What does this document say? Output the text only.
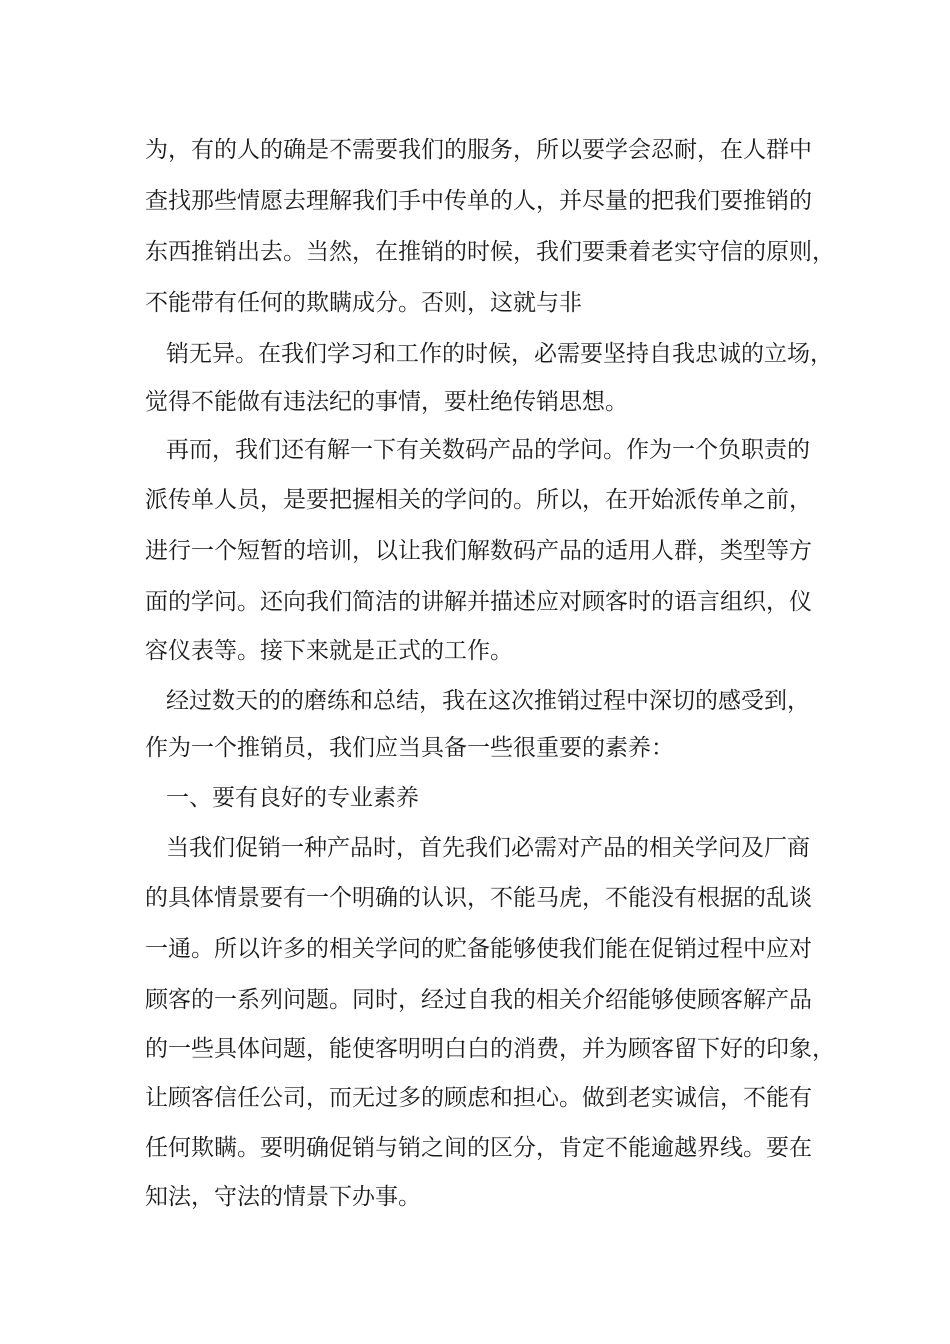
为，有的人的确是不需要我们的服务，所以要学会忍耐，在人群中
查找那些情愿去理解我们手中传单的人，并尽量的把我们要推销的
东西推销出去。当然，在推销的时候，我们要秉着老实守信的原则，
不能带有任何的欺瞒成分。否则，这就与非
销无异。在我们学习和工作的时候，必需要坚持自我忠诚的立场，
觉得不能做有违法纪的事情，要杜绝传销思想。
再而，我们还有解一下有关数码产品的学问。作为一个负职责的
派传单人员，是要把握相关的学问的。所以，在开始派传单之前，
进行一个短暂的培训，以让我们解数码产品的适用人群，类型等方
面的学问。还向我们简洁的讲解并描述应对顾客时的语言组织，仪
容仪表等。接下来就是正式的工作。
经过数天的的磨练和总结，我在这次推销过程中深切的感受到，
作为一个推销员，我们应当具备一些很重要的素养：
一、要有良好的专业素养
当我们促销一种产品时，首先我们必需对产品的相关学问及厂商
的具体情景要有一个明确的认识，不能马虎，不能没有根据的乱谈
一通。所以许多的相关学问的贮备能够使我们能在促销过程中应对
顾客的一系列问题。同时，经过自我的相关介绍能够使顾客解产品
的一些具体问题，能使客明明白白的消费，并为顾客留下好的印象，
让顾客信任公司，而无过多的顾虑和担心。做到老实诚信，不能有
任何欺瞒。要明确促销与销之间的区分，肯定不能逾越界线。要在
知法，守法的情景下办事。
